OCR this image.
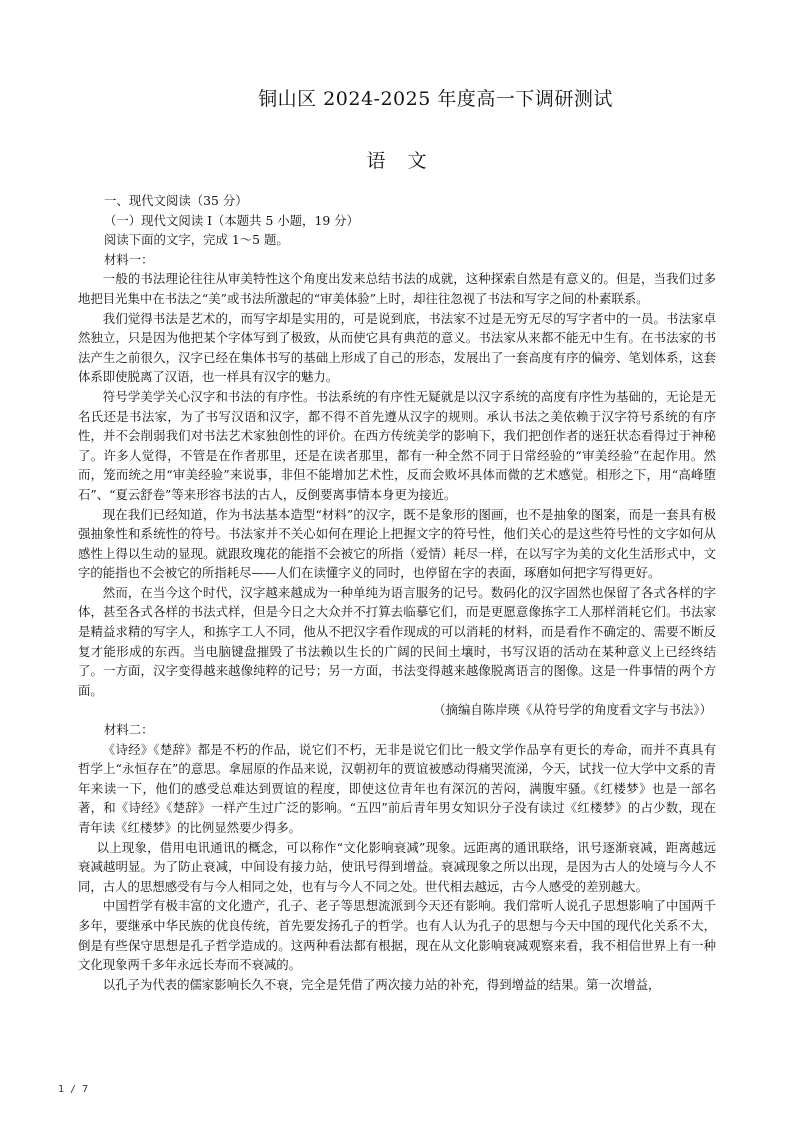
铜山区 2024-2025 年度高一下调研测试
语文

一、现代文阅读（35 分）

（一）现代文阅读 I（本题共 5 小题，19 分）

阅读下面的文字，完成 1～5 题。

材料一：

一般的书法理论往往从审美特性这个角度出发来总结书法的成就，这种探索自然是有意义的。但是，当我们过多地把目光集中在书法之“美”或书法所激起的“审美体验”上时，却往往忽视了书法和写字之间的朴素联系。

我们觉得书法是艺术的，而写字却是实用的，可是说到底，书法家不过是无穷无尽的写字者中的一员。书法家卓然独立，只是因为他把某个字体写到了极致，从而使它具有典范的意义。书法家从来都不能无中生有。在书法家的书法产生之前很久，汉字已经在集体书写的基础上形成了自己的形态，发展出了一套高度有序的偏旁、笔划体系，这套体系即使脱离了汉语，也一样具有汉字的魅力。

符号学美学关心汉字和书法的有序性。书法系统的有序性无疑就是以汉字系统的高度有序性为基础的，无论是无名氏还是书法家，为了书写汉语和汉字，都不得不首先遵从汉字的规则。承认书法之美依赖于汉字符号系统的有序性，并不会削弱我们对书法艺术家独创性的评价。在西方传统美学的影响下，我们把创作者的迷狂状态看得过于神秘了。许多人觉得，不管是在作者那里，还是在读者那里，都有一种全然不同于日常经验的“审美经验”在起作用。然而，笼而统之用“审美经验”来说事，非但不能增加艺术性，反而会败坏具体而微的艺术感觉。相形之下，用“高峰堕石”、“夏云舒卷”等来形容书法的古人，反倒要离事情本身更为接近。

现在我们已经知道，作为书法基本造型“材料”的汉字，既不是象形的图画，也不是抽象的图案，而是一套具有极强抽象性和系统性的符号。书法家并不关心如何在理论上把握文字的符号性，他们关心的是这些符号性的文字如何从感性上得以生动的显现。就跟玫瑰花的能指不会被它的所指（爱情）耗尽一样，在以写字为美的文化生活形式中，文字的能指也不会被它的所指耗尽——人们在读懂字义的同时，也停留在字的表面，琢磨如何把字写得更好。

然而，在当今这个时代，汉字越来越成为一种单纯为语言服务的记号。数码化的汉字固然也保留了各式各样的字体，甚至各式各样的书法式样，但是今日之大众并不打算去临摹它们，而是更愿意像拣字工人那样消耗它们。书法家是精益求精的写字人，和拣字工人不同，他从不把汉字看作现成的可以消耗的材料，而是看作不确定的、需要不断反复才能形成的东西。当电脑键盘摧毁了书法赖以生长的广阔的民间土壤时，书写汉语的活动在某种意义上已经终结了。一方面，汉字变得越来越像纯粹的记号；另一方面，书法变得越来越像脱离语言的图像。这是一件事情的两个方面。

（摘编自陈岸瑛《从符号学的角度看文字与书法》）

材料二：

《诗经》《楚辞》都是不朽的作品，说它们不朽，无非是说它们比一般文学作品享有更长的寿命，而并不真具有哲学上“永恒存在”的意思。拿屈原的作品来说，汉朝初年的贾谊被感动得痛哭流涕，今天，试找一位大学中文系的青年来读一下，他们的感受总难达到贾谊的程度，即使这位青年也有深沉的苦闷，满腹牢骚。《红楼梦》也是一部名著，和《诗经》《楚辞》一样产生过广泛的影响。“五四”前后青年男女知识分子没有读过《红楼梦》的占少数，现在青年读《红楼梦》的比例显然要少得多。

以上现象，借用电讯通讯的概念，可以称作“文化影响衰减”现象。远距离的通讯联络，讯号逐渐衰减，距离越远衰减越明显。为了防止衰减，中间设有接力站，使讯号得到增益。衰减现象之所以出现，是因为古人的处境与今人不同，古人的思想感受有与今人相同之处，也有与今人不同之处。世代相去越远，古今人感受的差别越大。

中国哲学有极丰富的文化遗产，孔子、老子等思想流派到今天还有影响。我们常听人说孔子思想影响了中国两千多年，要继承中华民族的优良传统，首先要发扬孔子的哲学。也有人认为孔子的思想与今天中国的现代化关系不大，倒是有些保守思想是孔子哲学造成的。这两种看法都有根据，现在从文化影响衰减观察来看，我不相信世界上有一种文化现象两千多年永远长寿而不衰减的。

以孔子为代表的儒家影响长久不衰，完全是凭借了两次接力站的补充，得到增益的结果。第一次增益，

1 / 7
